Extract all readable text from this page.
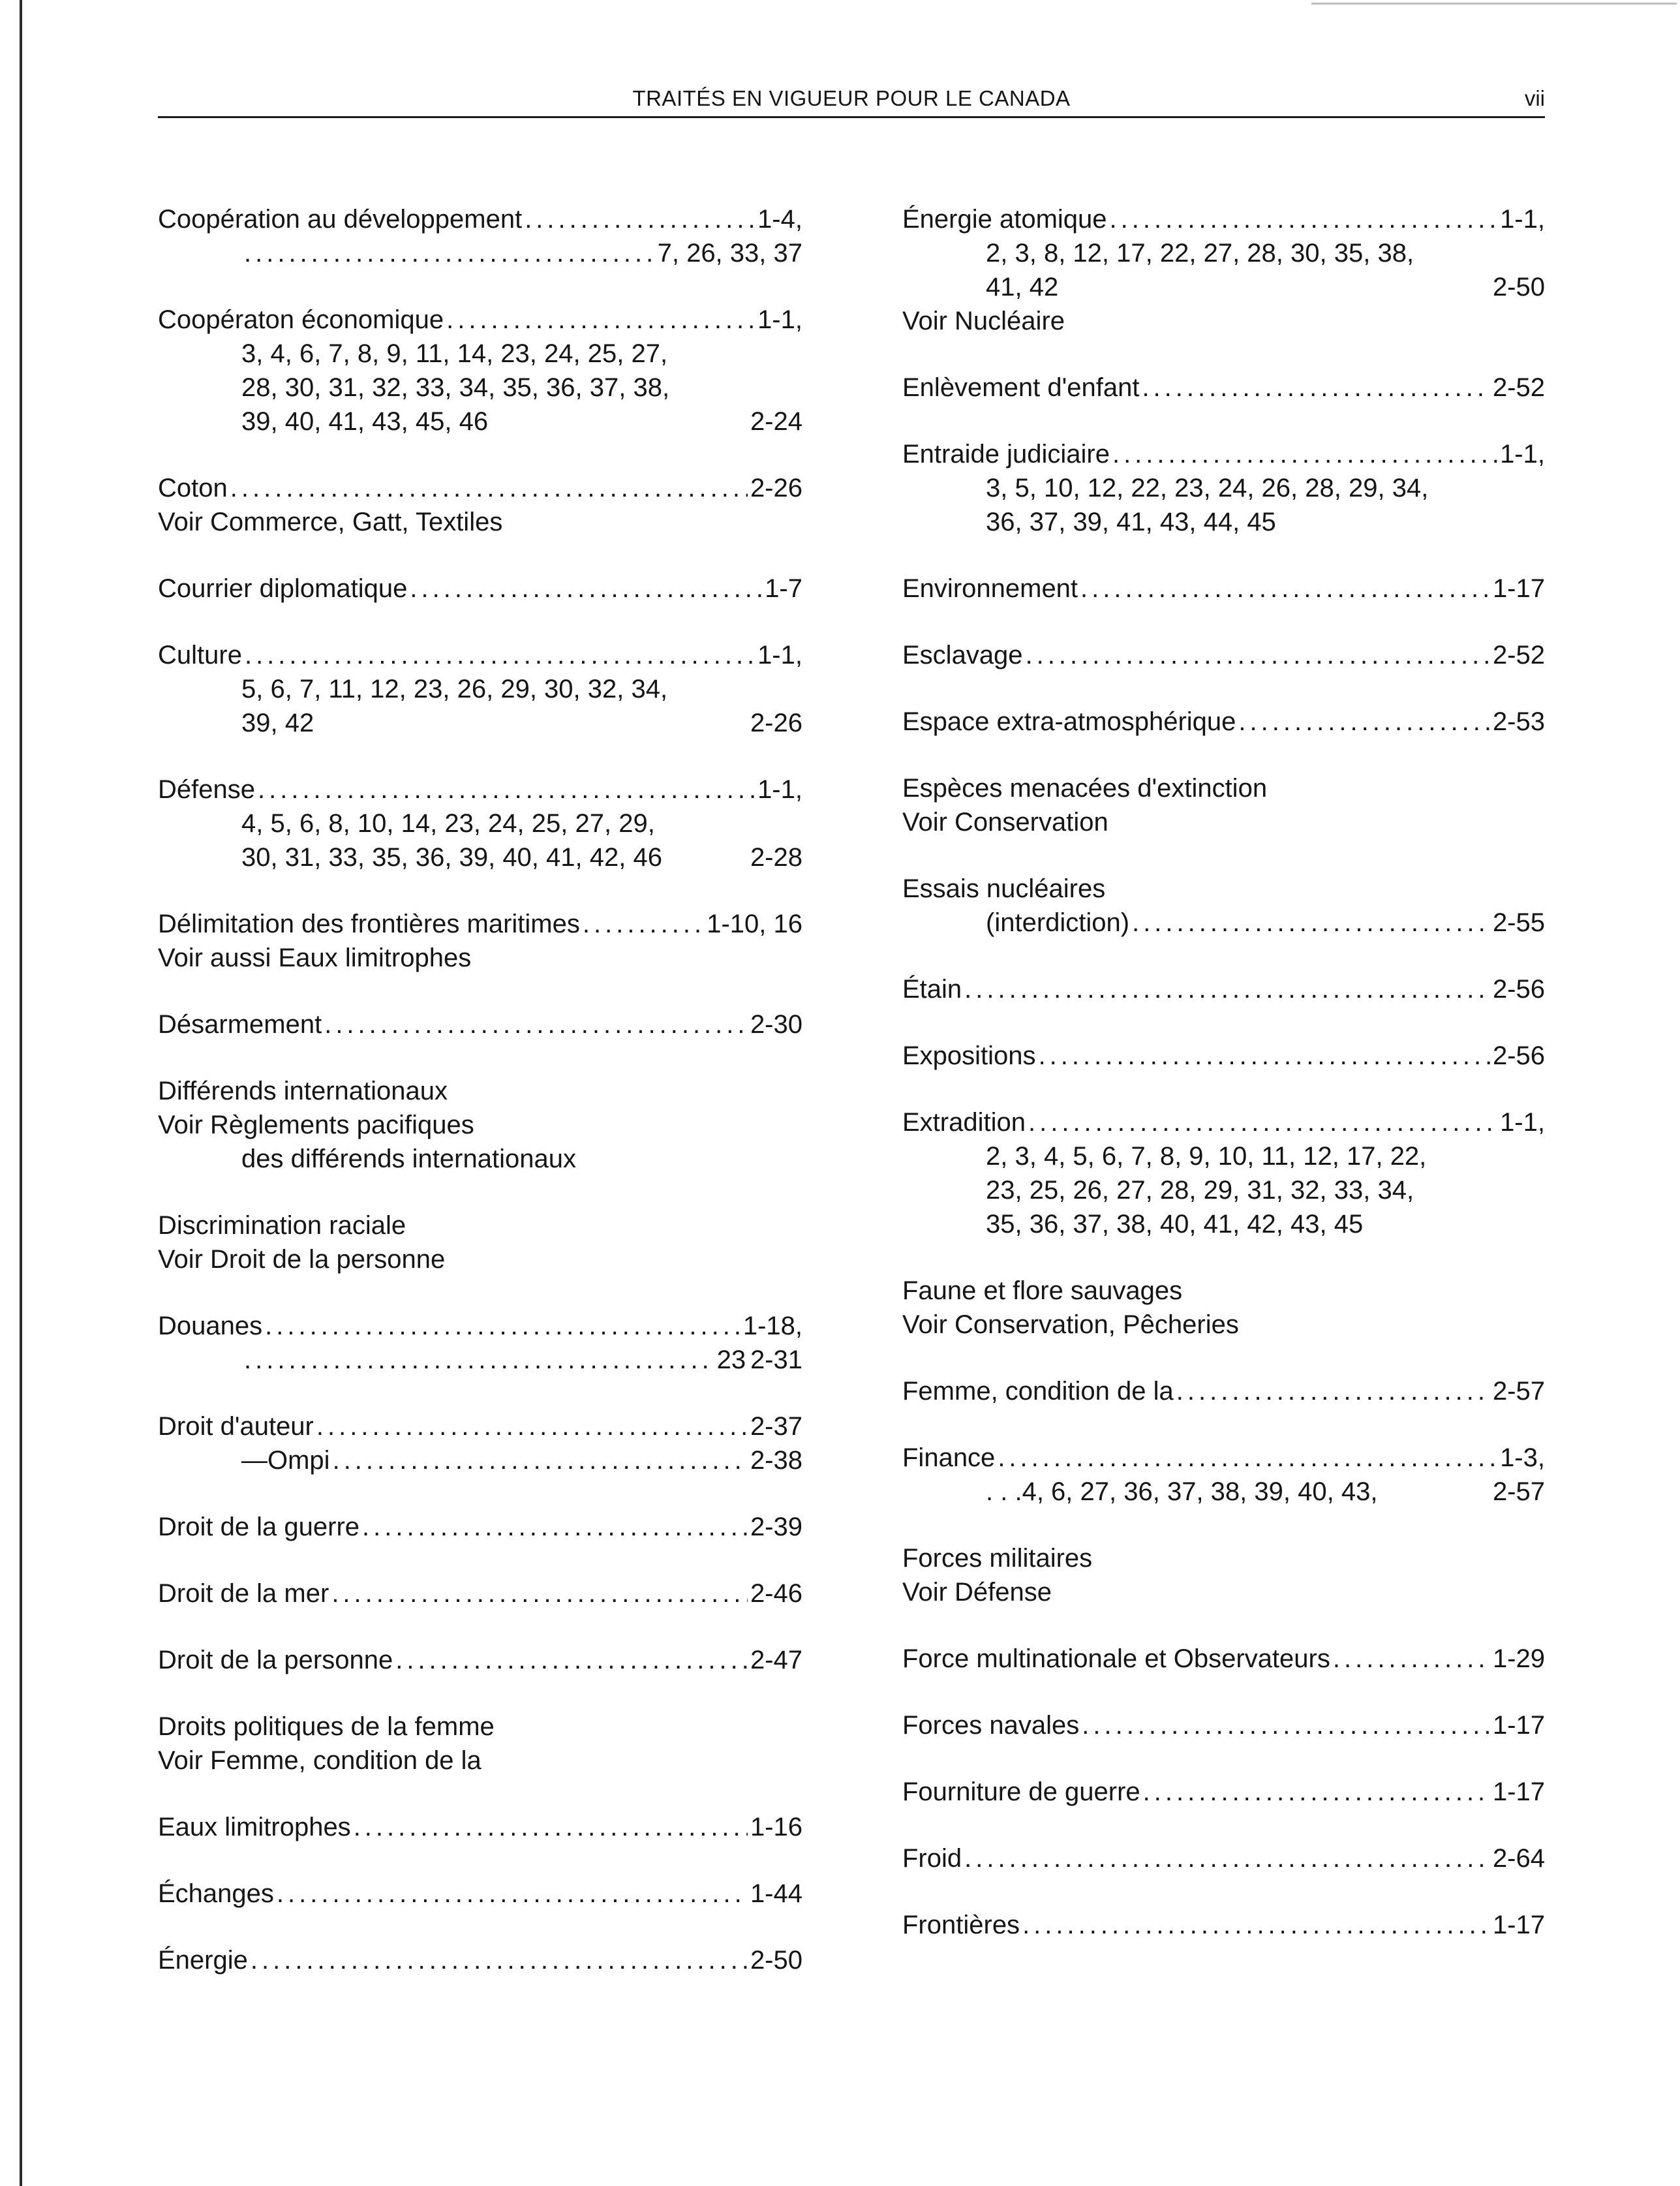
TRAITÉS EN VIGUEUR POUR LE CANADA	vii
Coopération au développement .....	1-4,
.....
7, 26, 33, 37
Coopératon économique .....	1-1,
3, 4, 6, 7, 8, 9, 11, 14, 23, 24, 25, 27,
28, 30, 31, 32, 33, 34, 35, 36, 37, 38,
39, 40, 41, 43, 45, 46	2-24
Coton .....	2-26
Voir Commerce, Gatt, Textiles
Courrier diplomatique .....	1-7
Culture .....	1-1,
5, 6, 7, 11, 12, 23, 26, 29, 30, 32, 34,
39, 42	2-26
Défense .....	1-1,
4, 5, 6, 8, 10, 14, 23, 24, 25, 27, 29,
30, 31, 33, 35, 36, 39, 40, 41, 42, 46	2-28
Délimitation des frontières maritimes .....	1-10, 16
Voir aussi Eaux limitrophes
Désarmement .....	2-30
Différends internationaux
Voir Règlements pacifiques
des différends internationaux
Discrimination raciale
Voir Droit de la personne
Douanes .....	1-18,
.....
23 2-31
Droit d'auteur .....	2-37
—Ompi .....	2-38
Droit de la guerre .....	2-39
Droit de la mer .....	2-46
Droit de la personne .....	2-47
Droits politiques de la femme
Voir Femme, condition de la
Eaux limitrophes .....	1-16
Échanges .....	1-44
Énergie .....	2-50
Énergie atomique .....	1-1,
2, 3, 8, 12, 17, 22, 27, 28, 30, 35, 38,
41, 42	2-50
Voir Nucléaire
Enlèvement d'enfant .....	2-52
Entraide judiciaire .....	1-1,
3, 5, 10, 12, 22, 23, 24, 26, 28, 29, 34,
36, 37, 39, 41, 43, 44, 45
Environnement .....	1-17
Esclavage .....	2-52
Espace extra-atmosphérique .....	2-53
Espèces menacées d'extinction
Voir Conservation
Essais nucléaires
(interdiction) .....	2-55
Étain .....	2-56
Expositions .....	2-56
Extradition .....	1-1,
2, 3, 4, 5, 6, 7, 8, 9, 10, 11, 12, 17, 22,
23, 25, 26, 27, 28, 29, 31, 32, 33, 34,
35, 36, 37, 38, 40, 41, 42, 43, 45
Faune et flore sauvages
Voir Conservation, Pêcheries
Femme, condition de la .....	2-57
Finance .....	1-3,
. . .4, 6, 27, 36, 37, 38, 39, 40, 43,	2-57
Forces militaires
Voir Défense
Force multinationale et Observateurs .....	1-29
Forces navales .....	1-17
Fourniture de guerre .....	1-17
Froid .....	2-64
Frontières .....	1-17
